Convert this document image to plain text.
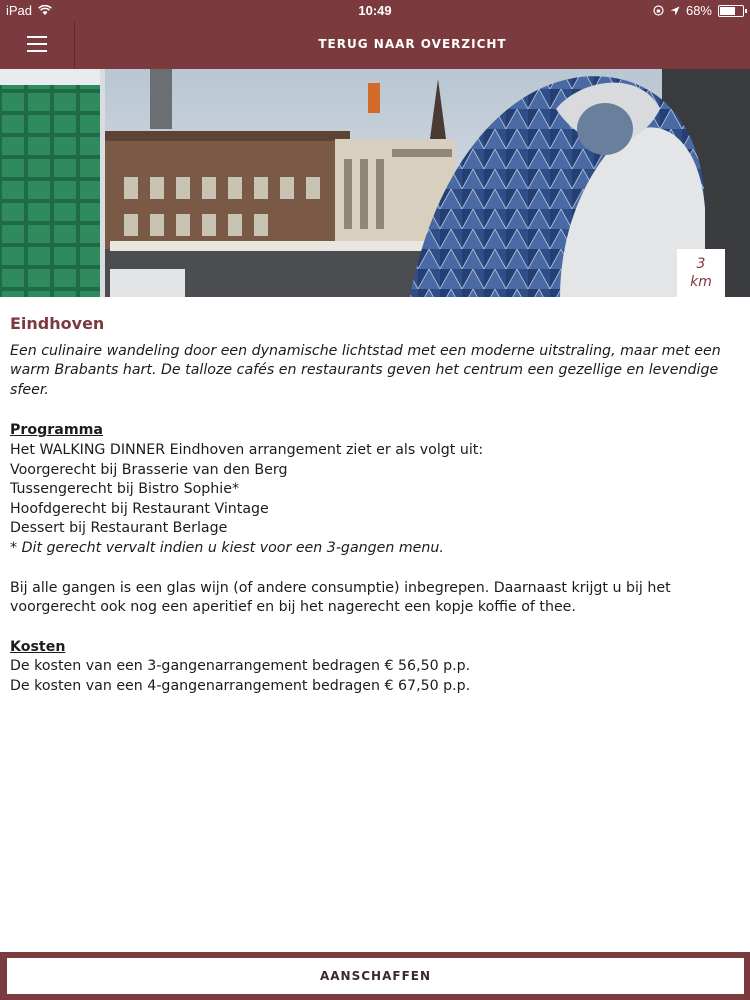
iPad	10:49	68%
TERUG NAAR OVERZICHT
3
km

Eindhoven

Een culinaire wandeling door een dynamische lichtstad met een moderne uitstraling, maar met een warm Brabants hart. De talloze cafés en restaurants geven het centrum een gezellige en levendige sfeer.

Programma

Het WALKING DINNER Eindhoven arrangement ziet er als volgt uit:

Voorgerecht bij Brasserie van den Berg

Tussengerecht bij Bistro Sophie*

Hoofdgerecht bij Restaurant Vintage

Dessert bij Restaurant Berlage

* Dit gerecht vervalt indien u kiest voor een 3-gangen menu.

Bij alle gangen is een glas wijn (of andere consumptie) inbegrepen. Daarnaast krijgt u bij het voorgerecht ook nog een aperitief en bij het nagerecht een kopje koffie of thee.

Kosten

De kosten van een 3-gangenarrangement bedragen € 56,50 p.p.

De kosten van een 4-gangenarrangement bedragen € 67,50 p.p.

AANSCHAFFEN
